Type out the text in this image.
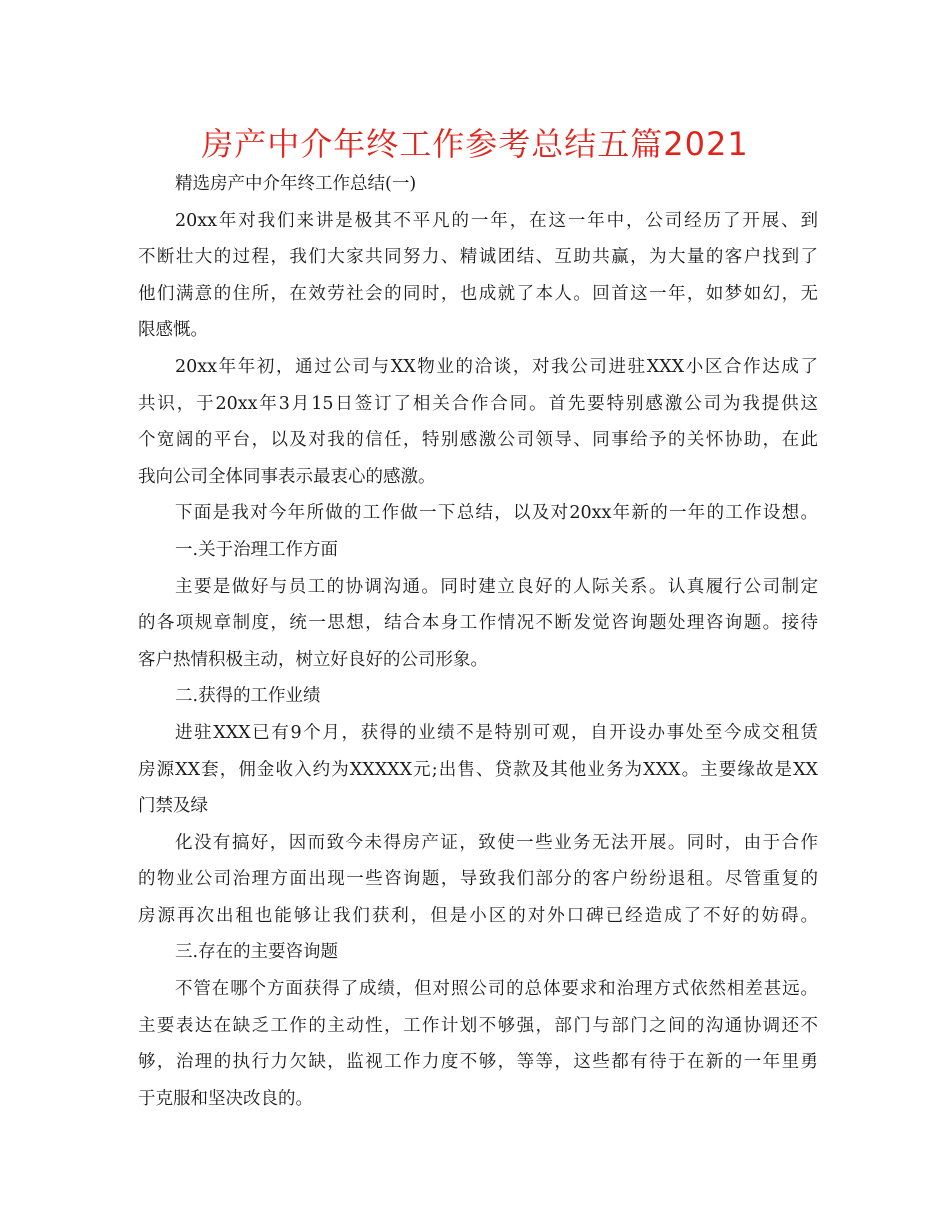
房产中介年终工作参考总结五篇2021
精选房产中介年终工作总结(一)
20xx年对我们来讲是极其不平凡的一年，在这一年中，公司经历了开展、到
不断壮大的过程，我们大家共同努力、精诚团结、互助共赢，为大量的客户找到了
他们满意的住所，在效劳社会的同时，也成就了本人。回首这一年，如梦如幻，无
限感慨。
20xx年年初，通过公司与XX物业的洽谈，对我公司进驻XXX小区合作达成了
共识，于20xx年3月15日签订了相关合作合同。首先要特别感激公司为我提供这
个宽阔的平台，以及对我的信任，特别感激公司领导、同事给予的关怀协助，在此
我向公司全体同事表示最衷心的感激。
下面是我对今年所做的工作做一下总结，以及对20xx年新的一年的工作设想。
一.关于治理工作方面
主要是做好与员工的协调沟通。同时建立良好的人际关系。认真履行公司制定
的各项规章制度，统一思想，结合本身工作情况不断发觉咨询题处理咨询题。接待
客户热情积极主动，树立好良好的公司形象。
二.获得的工作业绩
进驻XXX已有9个月，获得的业绩不是特别可观，自开设办事处至今成交租赁
房源XX套，佣金收入约为XXXXX元;出售、贷款及其他业务为XXX。主要缘故是XX
门禁及绿
化没有搞好，因而致今未得房产证，致使一些业务无法开展。同时，由于合作
的物业公司治理方面出现一些咨询题，导致我们部分的客户纷纷退租。尽管重复的
房源再次出租也能够让我们获利，但是小区的对外口碑已经造成了不好的妨碍。
三.存在的主要咨询题
不管在哪个方面获得了成绩，但对照公司的总体要求和治理方式依然相差甚远。
主要表达在缺乏工作的主动性，工作计划不够强，部门与部门之间的沟通协调还不
够，治理的执行力欠缺，监视工作力度不够，等等，这些都有待于在新的一年里勇
于克服和坚决改良的。
